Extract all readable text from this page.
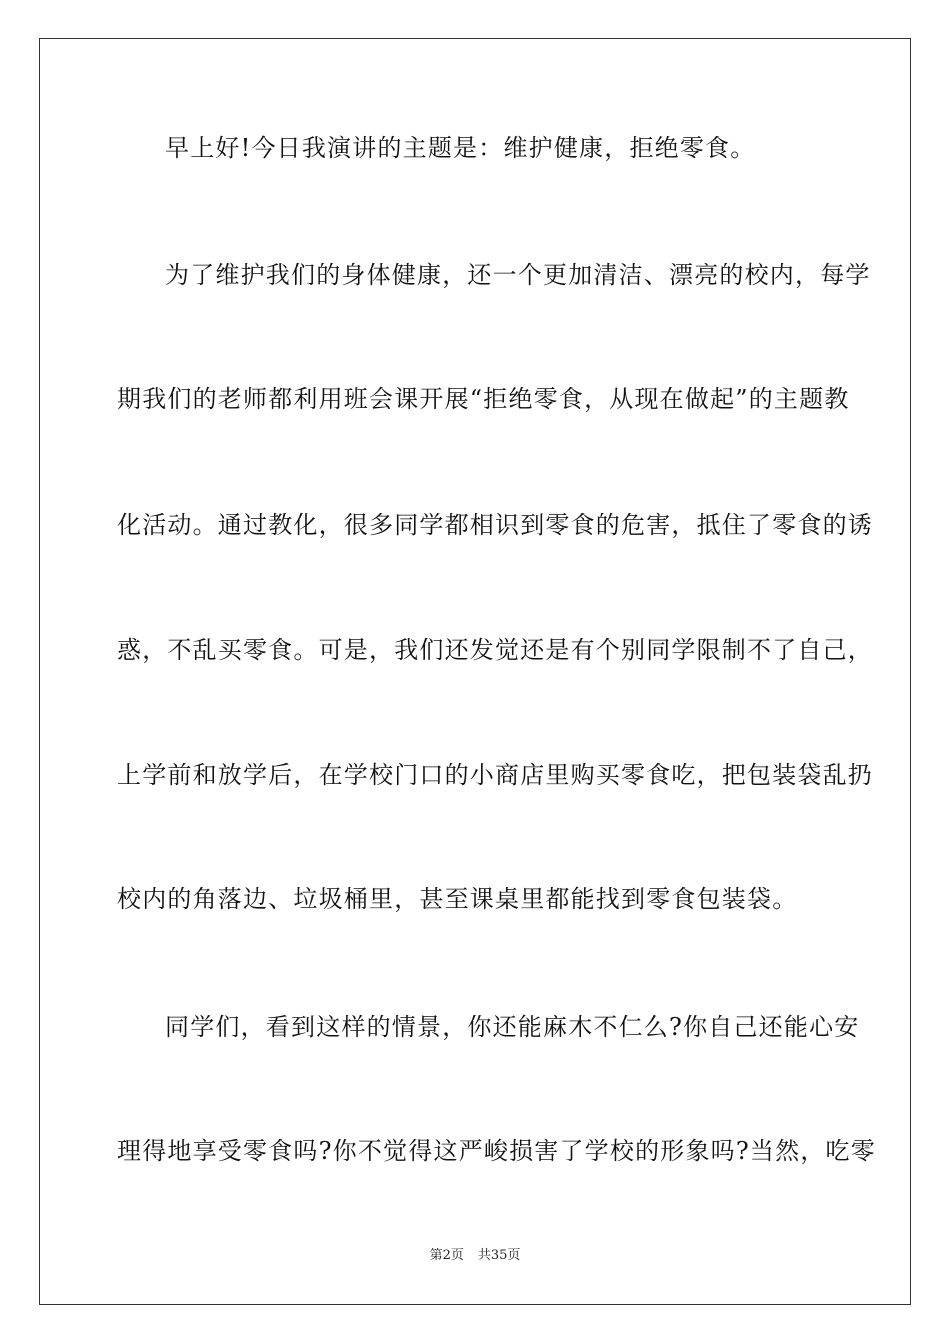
早上好!今日我演讲的主题是：维护健康，拒绝零食。
为了维护我们的身体健康，还一个更加清洁、漂亮的校内，每学
期我们的老师都利用班会课开展“拒绝零食，从现在做起”的主题教
化活动。通过教化，很多同学都相识到零食的危害，抵住了零食的诱
惑，不乱买零食。可是，我们还发觉还是有个别同学限制不了自己，
上学前和放学后，在学校门口的小商店里购买零食吃，把包装袋乱扔
校内的角落边、垃圾桶里，甚至课桌里都能找到零食包装袋。
同学们，看到这样的情景，你还能麻木不仁么?你自己还能心安
理得地享受零食吗?你不觉得这严峻损害了学校的形象吗?当然，吃零
第2页 共35页
